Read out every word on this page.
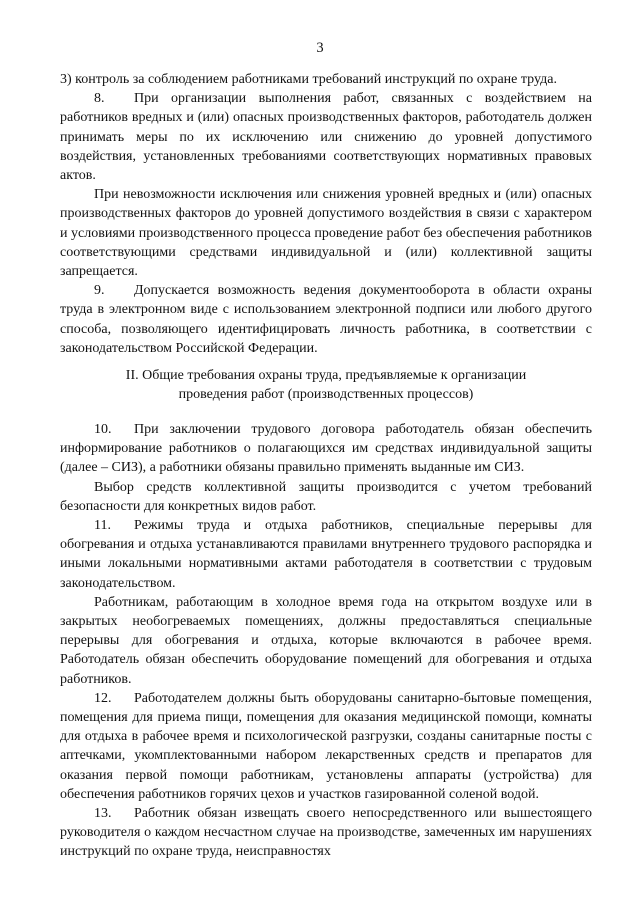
3

3) контроль за соблюдением работниками требований инструкций по охране труда.

8. При организации выполнения работ, связанных с воздействием на работников вредных и (или) опасных производственных факторов, работодатель должен принимать меры по их исключению или снижению до уровней допустимого воздействия, установленных требованиями соответствующих нормативных правовых актов.

При невозможности исключения или снижения уровней вредных и (или) опасных производственных факторов до уровней допустимого воздействия в связи с характером и условиями производственного процесса проведение работ без обеспечения работников соответствующими средствами индивидуальной и (или) коллективной защиты запрещается.

9. Допускается возможность ведения документооборота в области охраны труда в электронном виде с использованием электронной подписи или любого другого способа, позволяющего идентифицировать личность работника, в соответствии с законодательством Российской Федерации.

II. Общие требования охраны труда, предъявляемые к организации

проведения работ (производственных процессов)

10. При заключении трудового договора работодатель обязан обеспечить информирование работников о полагающихся им средствах индивидуальной защиты (далее – СИЗ), а работники обязаны правильно применять выданные им СИЗ.

Выбор средств коллективной защиты производится с учетом требований безопасности для конкретных видов работ.

11. Режимы труда и отдыха работников, специальные перерывы для обогревания и отдыха устанавливаются правилами внутреннего трудового распорядка и иными локальными нормативными актами работодателя в соответствии с трудовым законодательством.

Работникам, работающим в холодное время года на открытом воздухе или в закрытых необогреваемых помещениях, должны предоставляться специальные перерывы для обогревания и отдыха, которые включаются в рабочее время. Работодатель обязан обеспечить оборудование помещений для обогревания и отдыха работников.

12. Работодателем должны быть оборудованы санитарно-бытовые помещения, помещения для приема пищи, помещения для оказания медицинской помощи, комнаты для отдыха в рабочее время и психологической разгрузки, созданы санитарные посты с аптечками, укомплектованными набором лекарственных средств и препаратов для оказания первой помощи работникам, установлены аппараты (устройства) для обеспечения работников горячих цехов и участков газированной соленой водой.

13. Работник обязан извещать своего непосредственного или вышестоящего руководителя о каждом несчастном случае на производстве, замеченных им нарушениях инструкций по охране труда, неисправностях
